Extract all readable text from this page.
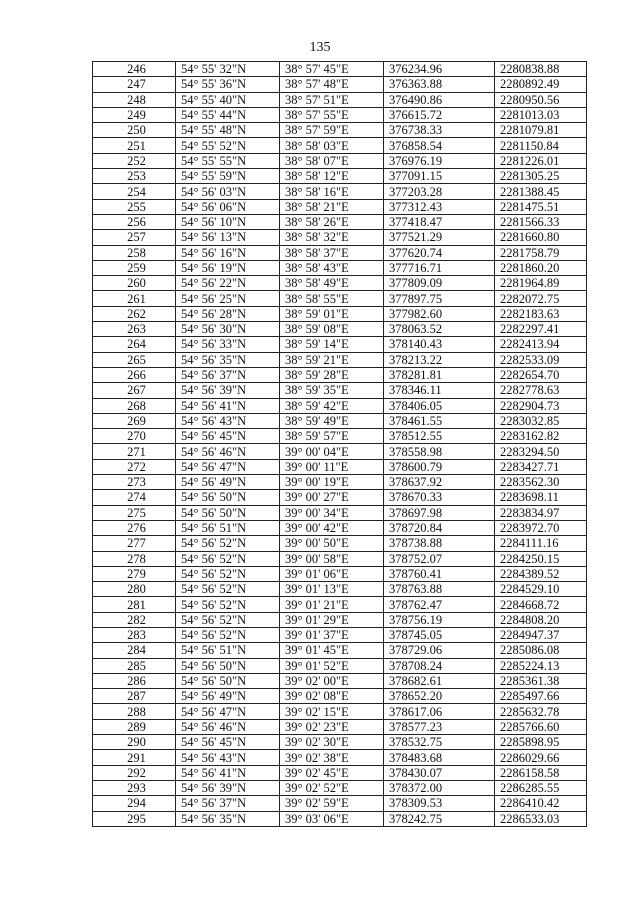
135
246	54° 55' 32"N	38° 57' 45"E	376234.96	2280838.88
247	54° 55' 36"N	38° 57' 48"E	376363.88	2280892.49
248	54° 55' 40"N	38° 57' 51"E	376490.86	2280950.56
249	54° 55' 44"N	38° 57' 55"E	376615.72	2281013.03
250	54° 55' 48"N	38° 57' 59"E	376738.33	2281079.81
251	54° 55' 52"N	38° 58' 03"E	376858.54	2281150.84
252	54° 55' 55"N	38° 58' 07"E	376976.19	2281226.01
253	54° 55' 59"N	38° 58' 12"E	377091.15	2281305.25
254	54° 56' 03"N	38° 58' 16"E	377203.28	2281388.45
255	54° 56' 06"N	38° 58' 21"E	377312.43	2281475.51
256	54° 56' 10"N	38° 58' 26"E	377418.47	2281566.33
257	54° 56' 13"N	38° 58' 32"E	377521.29	2281660.80
258	54° 56' 16"N	38° 58' 37"E	377620.74	2281758.79
259	54° 56' 19"N	38° 58' 43"E	377716.71	2281860.20
260	54° 56' 22"N	38° 58' 49"E	377809.09	2281964.89
261	54° 56' 25"N	38° 58' 55"E	377897.75	2282072.75
262	54° 56' 28"N	38° 59' 01"E	377982.60	2282183.63
263	54° 56' 30"N	38° 59' 08"E	378063.52	2282297.41
264	54° 56' 33"N	38° 59' 14"E	378140.43	2282413.94
265	54° 56' 35"N	38° 59' 21"E	378213.22	2282533.09
266	54° 56' 37"N	38° 59' 28"E	378281.81	2282654.70
267	54° 56' 39"N	38° 59' 35"E	378346.11	2282778.63
268	54° 56' 41"N	38° 59' 42"E	378406.05	2282904.73
269	54° 56' 43"N	38° 59' 49"E	378461.55	2283032.85
270	54° 56' 45"N	38° 59' 57"E	378512.55	2283162.82
271	54° 56' 46"N	39° 00' 04"E	378558.98	2283294.50
272	54° 56' 47"N	39° 00' 11"E	378600.79	2283427.71
273	54° 56' 49"N	39° 00' 19"E	378637.92	2283562.30
274	54° 56' 50"N	39° 00' 27"E	378670.33	2283698.11
275	54° 56' 50"N	39° 00' 34"E	378697.98	2283834.97
276	54° 56' 51"N	39° 00' 42"E	378720.84	2283972.70
277	54° 56' 52"N	39° 00' 50"E	378738.88	2284111.16
278	54° 56' 52"N	39° 00' 58"E	378752.07	2284250.15
279	54° 56' 52"N	39° 01' 06"E	378760.41	2284389.52
280	54° 56' 52"N	39° 01' 13"E	378763.88	2284529.10
281	54° 56' 52"N	39° 01' 21"E	378762.47	2284668.72
282	54° 56' 52"N	39° 01' 29"E	378756.19	2284808.20
283	54° 56' 52"N	39° 01' 37"E	378745.05	2284947.37
284	54° 56' 51"N	39° 01' 45"E	378729.06	2285086.08
285	54° 56' 50"N	39° 01' 52"E	378708.24	2285224.13
286	54° 56' 50"N	39° 02' 00"E	378682.61	2285361.38
287	54° 56' 49"N	39° 02' 08"E	378652.20	2285497.66
288	54° 56' 47"N	39° 02' 15"E	378617.06	2285632.78
289	54° 56' 46"N	39° 02' 23"E	378577.23	2285766.60
290	54° 56' 45"N	39° 02' 30"E	378532.75	2285898.95
291	54° 56' 43"N	39° 02' 38"E	378483.68	2286029.66
292	54° 56' 41"N	39° 02' 45"E	378430.07	2286158.58
293	54° 56' 39"N	39° 02' 52"E	378372.00	2286285.55
294	54° 56' 37"N	39° 02' 59"E	378309.53	2286410.42
295	54° 56' 35"N	39° 03' 06"E	378242.75	2286533.03
